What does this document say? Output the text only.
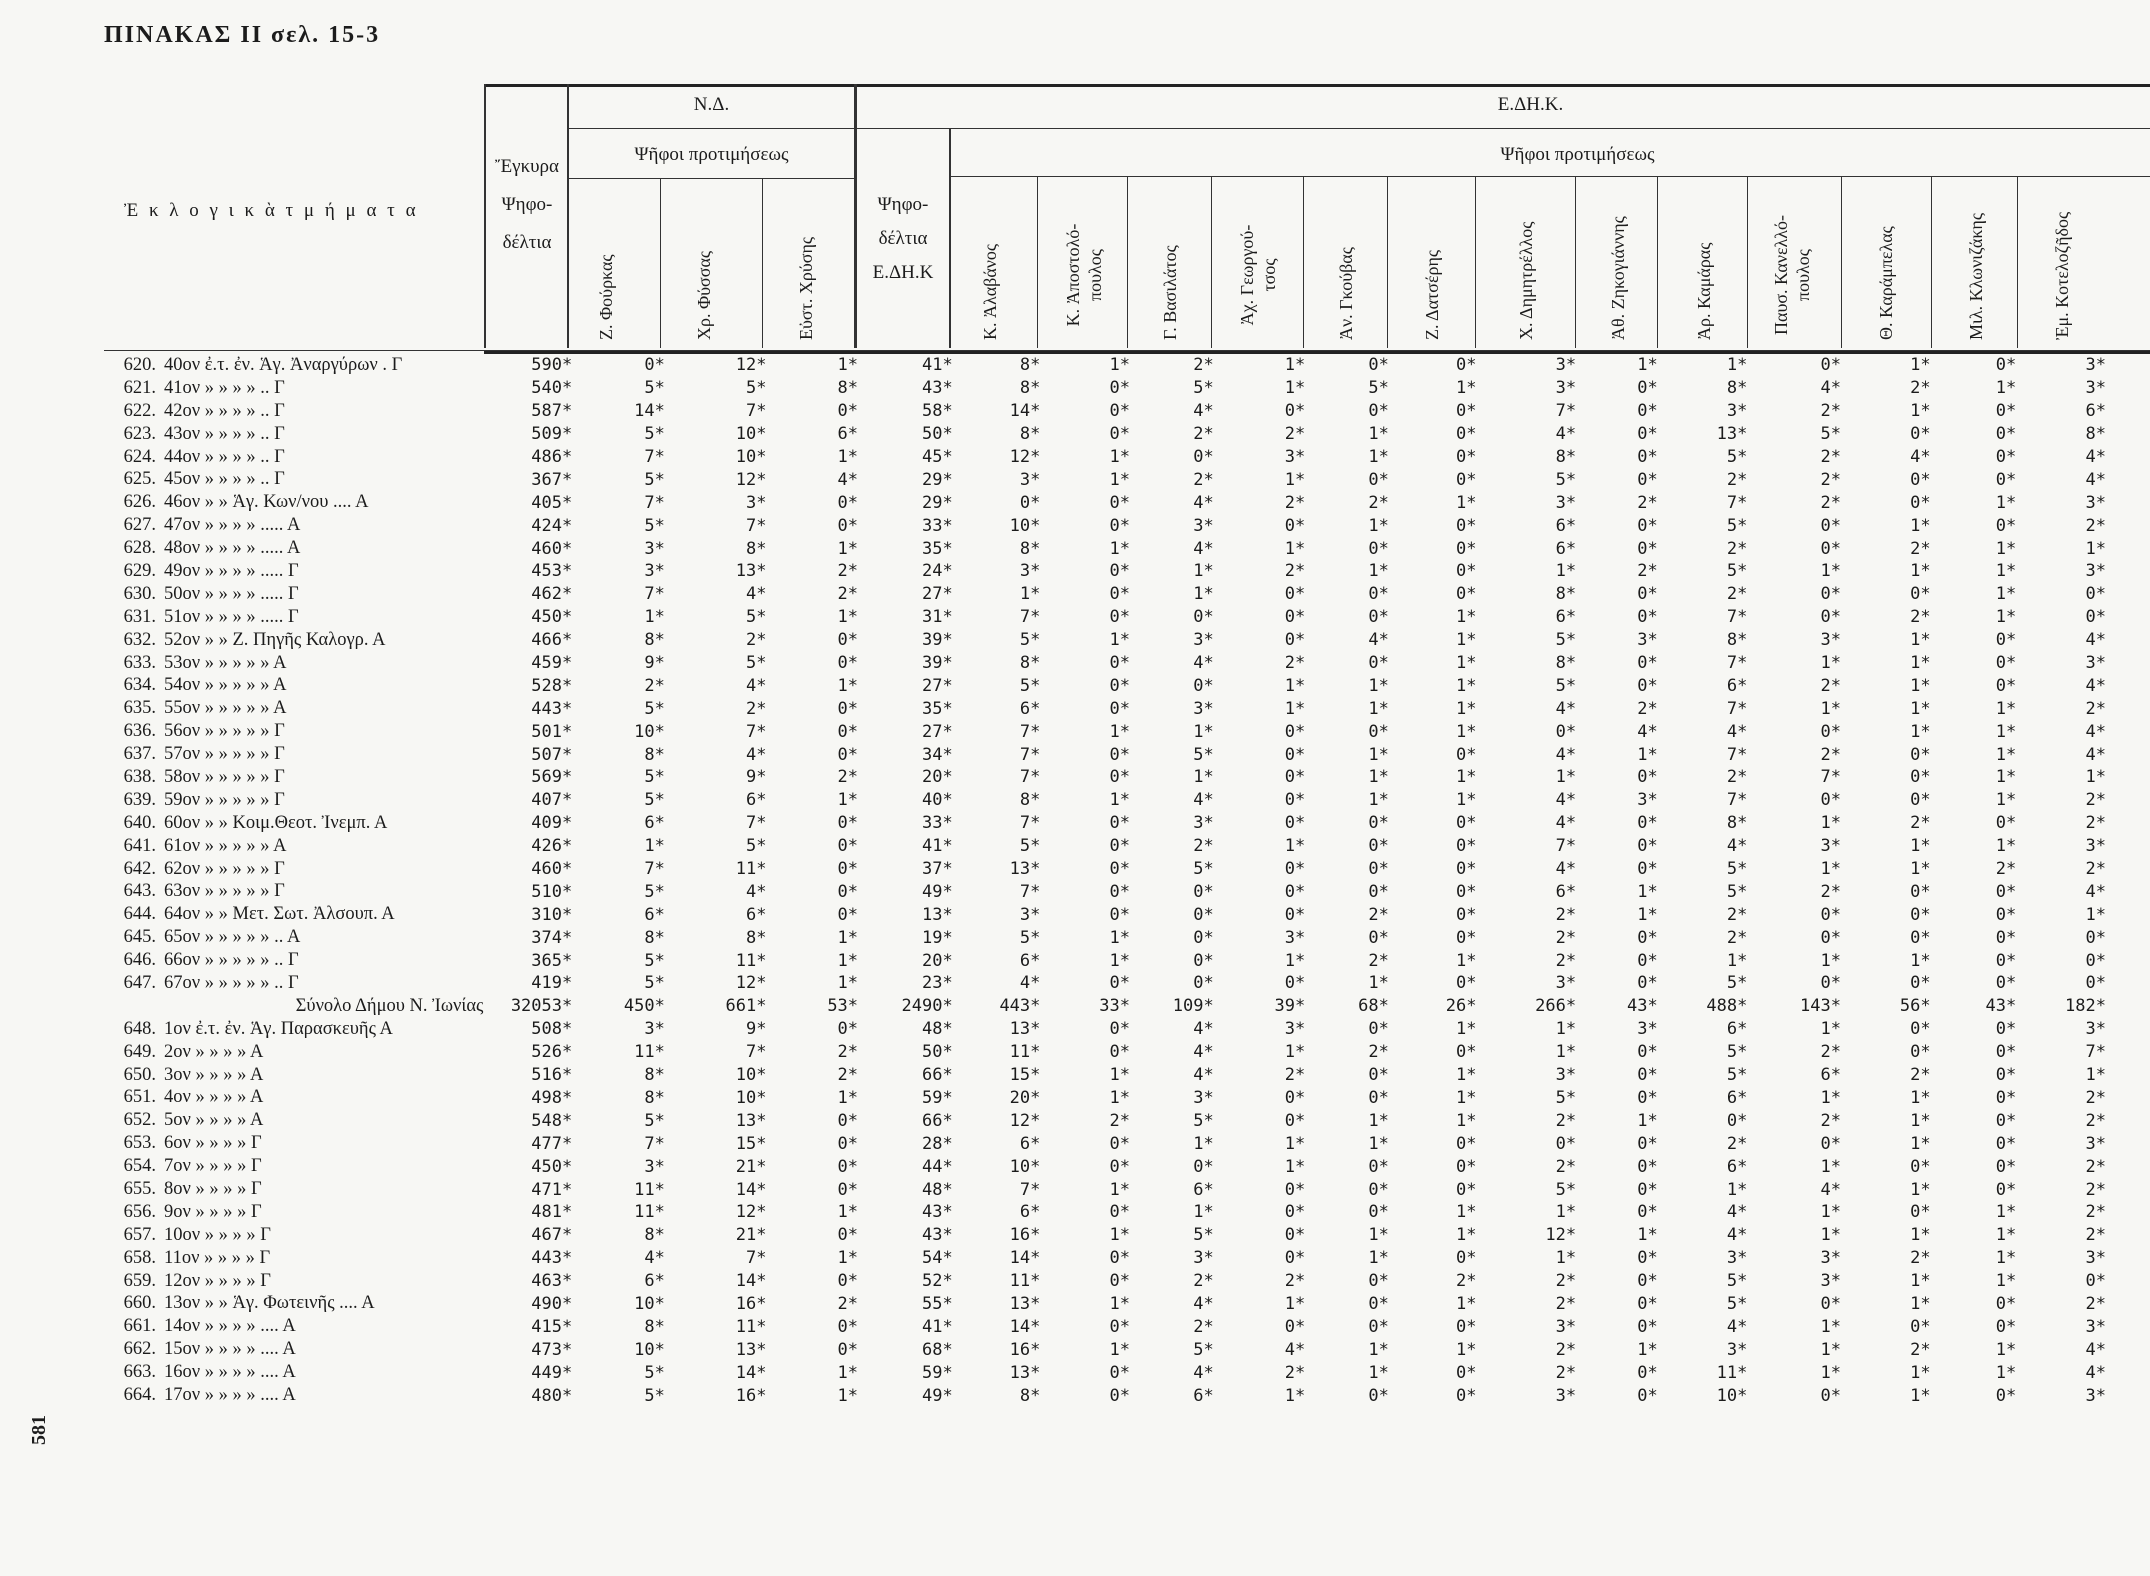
ΠΙΝΑΚΑΣ ΙΙ σελ. 15-3
581
Ἐ κ λ ο γ ι κ ὰ τ μ ή μ α τ α
Ἔγκυρα Ψηφο-δέλτια
Ν.Δ.
Ψῆφοι προτιμήσεως
Ε.ΔΗ.Κ.
Ψῆφοι προτιμήσεως
Ψηφο-δέλτια Ε.ΔΗ.Κ
Ζ. Φούρκας	Χρ. Φύσσας	Εὐστ. Χρύσης	Κ. Ἀλαβάνος	Κ. Ἀποστολό-πουλος	Γ. Βασιλάτος	Ἀχ. Γεωργού-τσος	Ἀν. Γκούβας	Ζ. Δατσέρης	Χ. Δημητρέλλος	Ἀθ. Ζηκογιάννης	Ἀρ. Καμάρας	Παυσ. Κανελλό-πουλος	Θ. Καράμπελας	Μιλ. Κλωνιζάκης	Ἐμ. Κοτελοζῆδος
620. 40ον ἐ.τ. ἐν. Ἁγ. Ἀναργύρων . Γ	590*	0*	12*	1*	41*	8*	1*	2*	1*	0*	0*	3*	1*	1*	0*	1*	0*	3*
621. 41ον » » » » .. Γ	540*	5*	5*	8*	43*	8*	0*	5*	1*	5*	1*	3*	0*	8*	4*	2*	1*	3*
622. 42ον » » » » .. Γ	587*	14*	7*	0*	58*	14*	0*	4*	0*	0*	0*	7*	0*	3*	2*	1*	0*	6*
623. 43ον » » » » .. Γ	509*	5*	10*	6*	50*	8*	0*	2*	2*	1*	0*	4*	0*	13*	5*	0*	0*	8*
624. 44ον » » » » .. Γ	486*	7*	10*	1*	45*	12*	1*	0*	3*	1*	0*	8*	0*	5*	2*	4*	0*	4*
625. 45ον » » » » .. Γ	367*	5*	12*	4*	29*	3*	1*	2*	1*	0*	0*	5*	0*	2*	2*	0*	0*	4*
626. 46ον » » Ἁγ. Κων/νου .... Α	405*	7*	3*	0*	29*	0*	0*	4*	2*	2*	1*	3*	2*	7*	2*	0*	1*	3*
627. 47ον » » » » ..... Α	424*	5*	7*	0*	33*	10*	0*	3*	0*	1*	0*	6*	0*	5*	0*	1*	0*	2*
628. 48ον » » » » ..... Α	460*	3*	8*	1*	35*	8*	1*	4*	1*	0*	0*	6*	0*	2*	0*	2*	1*	1*
629. 49ον » » » » ..... Γ	453*	3*	13*	2*	24*	3*	0*	1*	2*	1*	0*	1*	2*	5*	1*	1*	1*	3*
630. 50ον » » » » ..... Γ	462*	7*	4*	2*	27*	1*	0*	1*	0*	0*	0*	8*	0*	2*	0*	0*	1*	0*
631. 51ον » » » » ..... Γ	450*	1*	5*	1*	31*	7*	0*	0*	0*	0*	1*	6*	0*	7*	0*	2*	1*	0*
632. 52ον » » Ζ. Πηγῆς Καλογρ. Α	466*	8*	2*	0*	39*	5*	1*	3*	0*	4*	1*	5*	3*	8*	3*	1*	0*	4*
633. 53ον » » » » » Α	459*	9*	5*	0*	39*	8*	0*	4*	2*	0*	1*	8*	0*	7*	1*	1*	0*	3*
634. 54ον » » » » » Α	528*	2*	4*	1*	27*	5*	0*	0*	1*	1*	1*	5*	0*	6*	2*	1*	0*	4*
635. 55ον » » » » » Α	443*	5*	2*	0*	35*	6*	0*	3*	1*	1*	1*	4*	2*	7*	1*	1*	1*	2*
636. 56ον » » » » » Γ	501*	10*	7*	0*	27*	7*	1*	1*	0*	0*	1*	0*	4*	4*	0*	1*	1*	4*
637. 57ον » » » » » Γ	507*	8*	4*	0*	34*	7*	0*	5*	0*	1*	0*	4*	1*	7*	2*	0*	1*	4*
638. 58ον » » » » » Γ	569*	5*	9*	2*	20*	7*	0*	1*	0*	1*	1*	1*	0*	2*	7*	0*	1*	1*
639. 59ον » » » » » Γ	407*	5*	6*	1*	40*	8*	1*	4*	0*	1*	1*	4*	3*	7*	0*	0*	1*	2*
640. 60ον » » Κοιμ.Θεοτ. Ἰνεμπ. Α	409*	6*	7*	0*	33*	7*	0*	3*	0*	0*	0*	4*	0*	8*	1*	2*	0*	2*
641. 61ον » » » » » Α	426*	1*	5*	0*	41*	5*	0*	2*	1*	0*	0*	7*	0*	4*	3*	1*	1*	3*
642. 62ον » » » » » Γ	460*	7*	11*	0*	37*	13*	0*	5*	0*	0*	0*	4*	0*	5*	1*	1*	2*	2*
643. 63ον » » » » » Γ	510*	5*	4*	0*	49*	7*	0*	0*	0*	0*	0*	6*	1*	5*	2*	0*	0*	4*
644. 64ον » » Μετ. Σωτ. Ἀλσουπ. Α	310*	6*	6*	0*	13*	3*	0*	0*	0*	2*	0*	2*	1*	2*	0*	0*	0*	1*
645. 65ον » » » » » .. Α	374*	8*	8*	1*	19*	5*	1*	0*	3*	0*	0*	2*	0*	2*	0*	0*	0*	0*
646. 66ον » » » » » .. Γ	365*	5*	11*	1*	20*	6*	1*	0*	1*	2*	1*	2*	0*	1*	1*	1*	0*	0*
647. 67ον » » » » » .. Γ	419*	5*	12*	1*	23*	4*	0*	0*	0*	1*	0*	3*	0*	5*	0*	0*	0*	0*
Σύνολο Δήμου Ν. Ἰωνίας	32053*	450*	661*	53*	2490*	443*	33*	109*	39*	68*	26*	266*	43*	488*	143*	56*	43*	182*
648. 1ον ἐ.τ. ἐν. Ἁγ. Παρασκευῆς Α	508*	3*	9*	0*	48*	13*	0*	4*	3*	0*	1*	1*	3*	6*	1*	0*	0*	3*
649. 2ον » » » » Α	526*	11*	7*	2*	50*	11*	0*	4*	1*	2*	0*	1*	0*	5*	2*	0*	0*	7*
650. 3ον » » » » Α	516*	8*	10*	2*	66*	15*	1*	4*	2*	0*	1*	3*	0*	5*	6*	2*	0*	1*
651. 4ον » » » » Α	498*	8*	10*	1*	59*	20*	1*	3*	0*	0*	1*	5*	0*	6*	1*	1*	0*	2*
652. 5ον » » » » Α	548*	5*	13*	0*	66*	12*	2*	5*	0*	1*	1*	2*	1*	0*	2*	1*	0*	2*
653. 6ον » » » » Γ	477*	7*	15*	0*	28*	6*	0*	1*	1*	1*	0*	0*	0*	2*	0*	1*	0*	3*
654. 7ον » » » » Γ	450*	3*	21*	0*	44*	10*	0*	0*	1*	0*	0*	2*	0*	6*	1*	0*	0*	2*
655. 8ον » » » » Γ	471*	11*	14*	0*	48*	7*	1*	6*	0*	0*	0*	5*	0*	1*	4*	1*	0*	2*
656. 9ον » » » » Γ	481*	11*	12*	1*	43*	6*	0*	1*	0*	0*	1*	1*	0*	4*	1*	0*	1*	2*
657. 10ον » » » » Γ	467*	8*	21*	0*	43*	16*	1*	5*	0*	1*	1*	12*	1*	4*	1*	1*	1*	2*
658. 11ον » » » » Γ	443*	4*	7*	1*	54*	14*	0*	3*	0*	1*	0*	1*	0*	3*	3*	2*	1*	3*
659. 12ον » » » » Γ	463*	6*	14*	0*	52*	11*	0*	2*	2*	0*	2*	2*	0*	5*	3*	1*	1*	0*
660. 13ον » » Ἁγ. Φωτεινῆς .... Α	490*	10*	16*	2*	55*	13*	1*	4*	1*	0*	1*	2*	0*	5*	0*	1*	0*	2*
661. 14ον » » » » .... Α	415*	8*	11*	0*	41*	14*	0*	2*	0*	0*	0*	3*	0*	4*	1*	0*	0*	3*
662. 15ον » » » » .... Α	473*	10*	13*	0*	68*	16*	1*	5*	4*	1*	1*	2*	1*	3*	1*	2*	1*	4*
663. 16ον » » » » .... Α	449*	5*	14*	1*	59*	13*	0*	4*	2*	1*	0*	2*	0*	11*	1*	1*	1*	4*
664. 17ον » » » » .... Α	480*	5*	16*	1*	49*	8*	0*	6*	1*	0*	0*	3*	0*	10*	0*	1*	0*	3*
